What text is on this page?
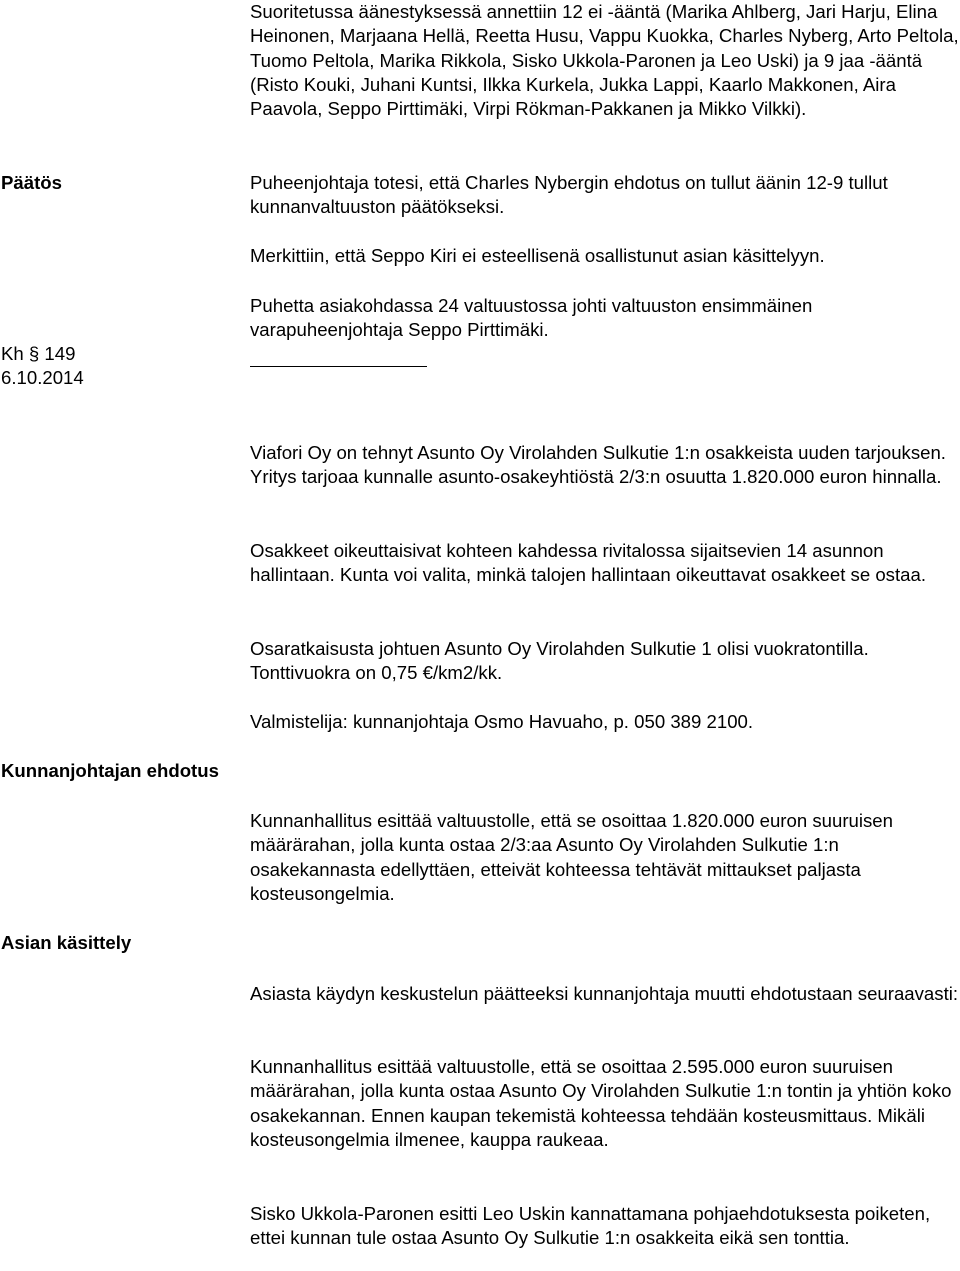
Suoritetussa äänestyksessä annettiin 12 ei -ääntä (Marika Ahlberg, Jari Harju, Elina Heinonen, Marjaana Hellä, Reetta Husu, Vappu Kuokka, Charles Nyberg, Arto Peltola, Tuomo Peltola, Marika Rikkola, Sisko Ukkola-Paronen ja Leo Uski) ja 9 jaa -ääntä (Risto Kouki, Juhani Kuntsi, Ilkka Kurkela, Jukka Lappi, Kaarlo Makkonen, Aira Paavola, Seppo Pirttimäki, Virpi Rökman-Pakkanen ja Mikko Vilkki).

Päätös	Puheenjohtaja totesi, että Charles Nybergin ehdotus on tullut äänin 12-9 tullut kunnanvaltuuston päätökseksi.

Merkittiin, että Seppo Kiri ei esteellisenä osallistunut asian käsittelyyn.

Puhetta asiakohdassa 24 valtuustossa johti valtuuston ensimmäinen varapuheenjohtaja Seppo Pirttimäki.

Kh § 149
6.10.2014

Viafori Oy on tehnyt Asunto Oy Virolahden Sulkutie 1:n osakkeista uuden tarjouksen. Yritys tarjoaa kunnalle asunto-osakeyhtiöstä 2/3:n osuutta 1.820.000 euron hinnalla.

Osakkeet oikeuttaisivat kohteen kahdessa rivitalossa sijaitsevien 14 asunnon hallintaan. Kunta voi valita, minkä talojen hallintaan oikeuttavat osakkeet se ostaa.

Osaratkaisusta johtuen Asunto Oy Virolahden Sulkutie 1 olisi vuokratontilla. Tonttivuokra on 0,75 €/km2/kk.

Valmistelija: kunnanjohtaja Osmo Havuaho, p. 050 389 2100.

Kunnanjohtajan ehdotus

Kunnanhallitus esittää valtuustolle, että se osoittaa 1.820.000 euron suuruisen määrärahan, jolla kunta ostaa 2/3:aa Asunto Oy Virolahden Sulkutie 1:n osakekannasta edellyttäen, etteivät kohteessa tehtävät mittaukset paljasta kosteusongelmia.

Asian käsittely

Asiasta käydyn keskustelun päätteeksi kunnanjohtaja muutti ehdotustaan seuraavasti:

Kunnanhallitus esittää valtuustolle, että se osoittaa 2.595.000 euron suuruisen määrärahan, jolla kunta ostaa Asunto Oy Virolahden Sulkutie 1:n tontin ja yhtiön koko osakekannan. Ennen kaupan tekemistä kohteessa tehdään kosteusmittaus. Mikäli kosteusongelmia ilmenee, kauppa raukeaa.

Sisko Ukkola-Paronen esitti Leo Uskin kannattamana pohjaehdotuksesta poiketen, ettei kunnan tule ostaa Asunto Oy Sulkutie 1:n osakkeita eikä sen tonttia.
